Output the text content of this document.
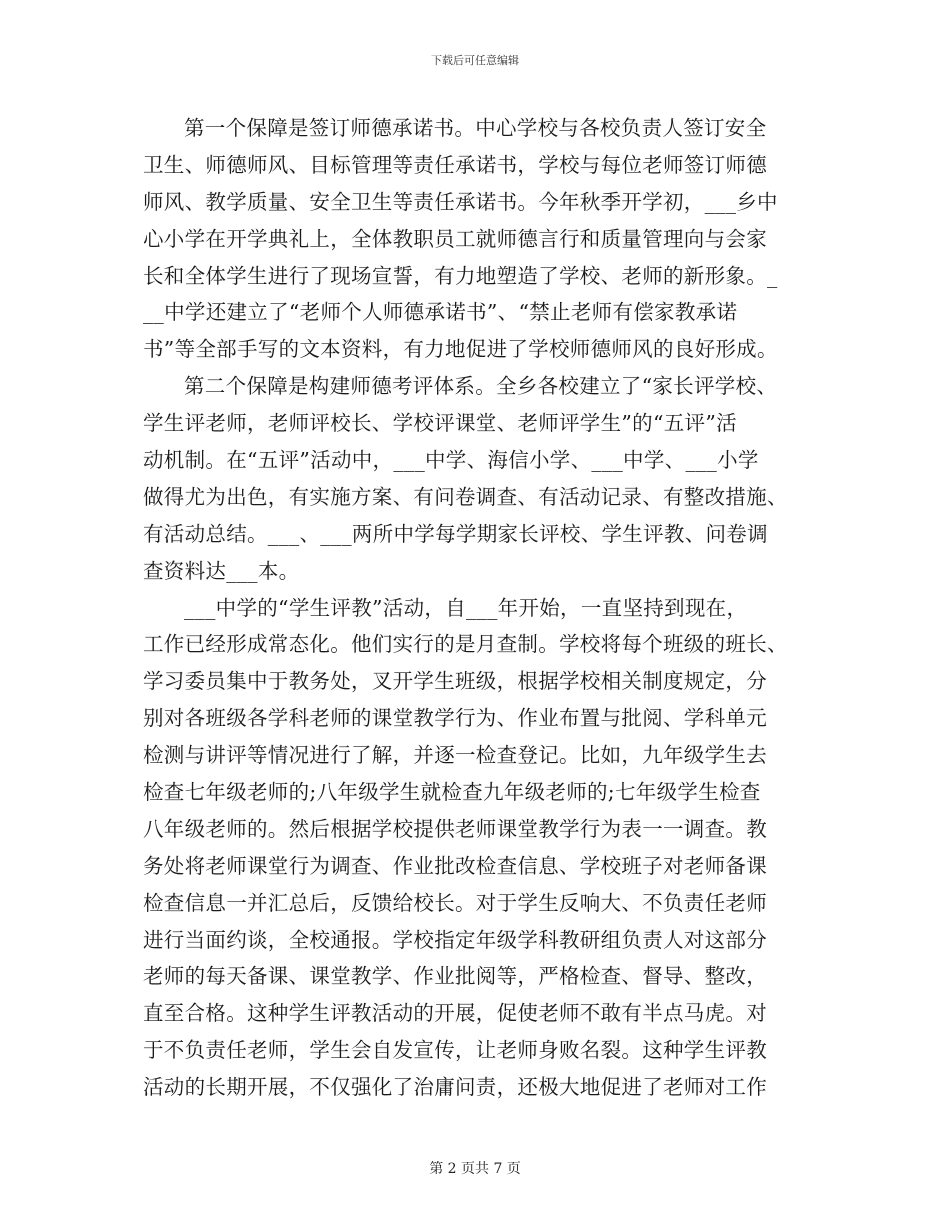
下载后可任意编辑
第一个保障是签订师德承诺书。中心学校与各校负责人签订安全
卫生、师德师风、目标管理等责任承诺书，学校与每位老师签订师德
师风、教学质量、安全卫生等责任承诺书。今年秋季开学初，___乡中
心小学在开学典礼上，全体教职员工就师德言行和质量管理向与会家
长和全体学生进行了现场宣誓，有力地塑造了学校、老师的新形象。_
__中学还建立了“老师个人师德承诺书”、“禁止老师有偿家教承诺
书”等全部手写的文本资料，有力地促进了学校师德师风的良好形成。
第二个保障是构建师德考评体系。全乡各校建立了“家长评学校、
学生评老师，老师评校长、学校评课堂、老师评学生”的“五评”活
动机制。在“五评”活动中，___中学、海信小学、___中学、___小学
做得尤为出色，有实施方案、有问卷调查、有活动记录、有整改措施、
有活动总结。___、___两所中学每学期家长评校、学生评教、问卷调
查资料达___本。
___中学的“学生评教”活动，自___年开始，一直坚持到现在，
工作已经形成常态化。他们实行的是月查制。学校将每个班级的班长、
学习委员集中于教务处，叉开学生班级，根据学校相关制度规定，分
别对各班级各学科老师的课堂教学行为、作业布置与批阅、学科单元
检测与讲评等情况进行了解，并逐一检查登记。比如，九年级学生去
检查七年级老师的;八年级学生就检查九年级老师的;七年级学生检查
八年级老师的。然后根据学校提供老师课堂教学行为表一一调查。教
务处将老师课堂行为调查、作业批改检查信息、学校班子对老师备课
检查信息一并汇总后，反馈给校长。对于学生反响大、不负责任老师
进行当面约谈，全校通报。学校指定年级学科教研组负责人对这部分
老师的每天备课、课堂教学、作业批阅等，严格检查、督导、整改，
直至合格。这种学生评教活动的开展，促使老师不敢有半点马虎。对
于不负责任老师，学生会自发宣传，让老师身败名裂。这种学生评教
活动的长期开展，不仅强化了治庸问责，还极大地促进了老师对工作
第 2 页共 7 页
